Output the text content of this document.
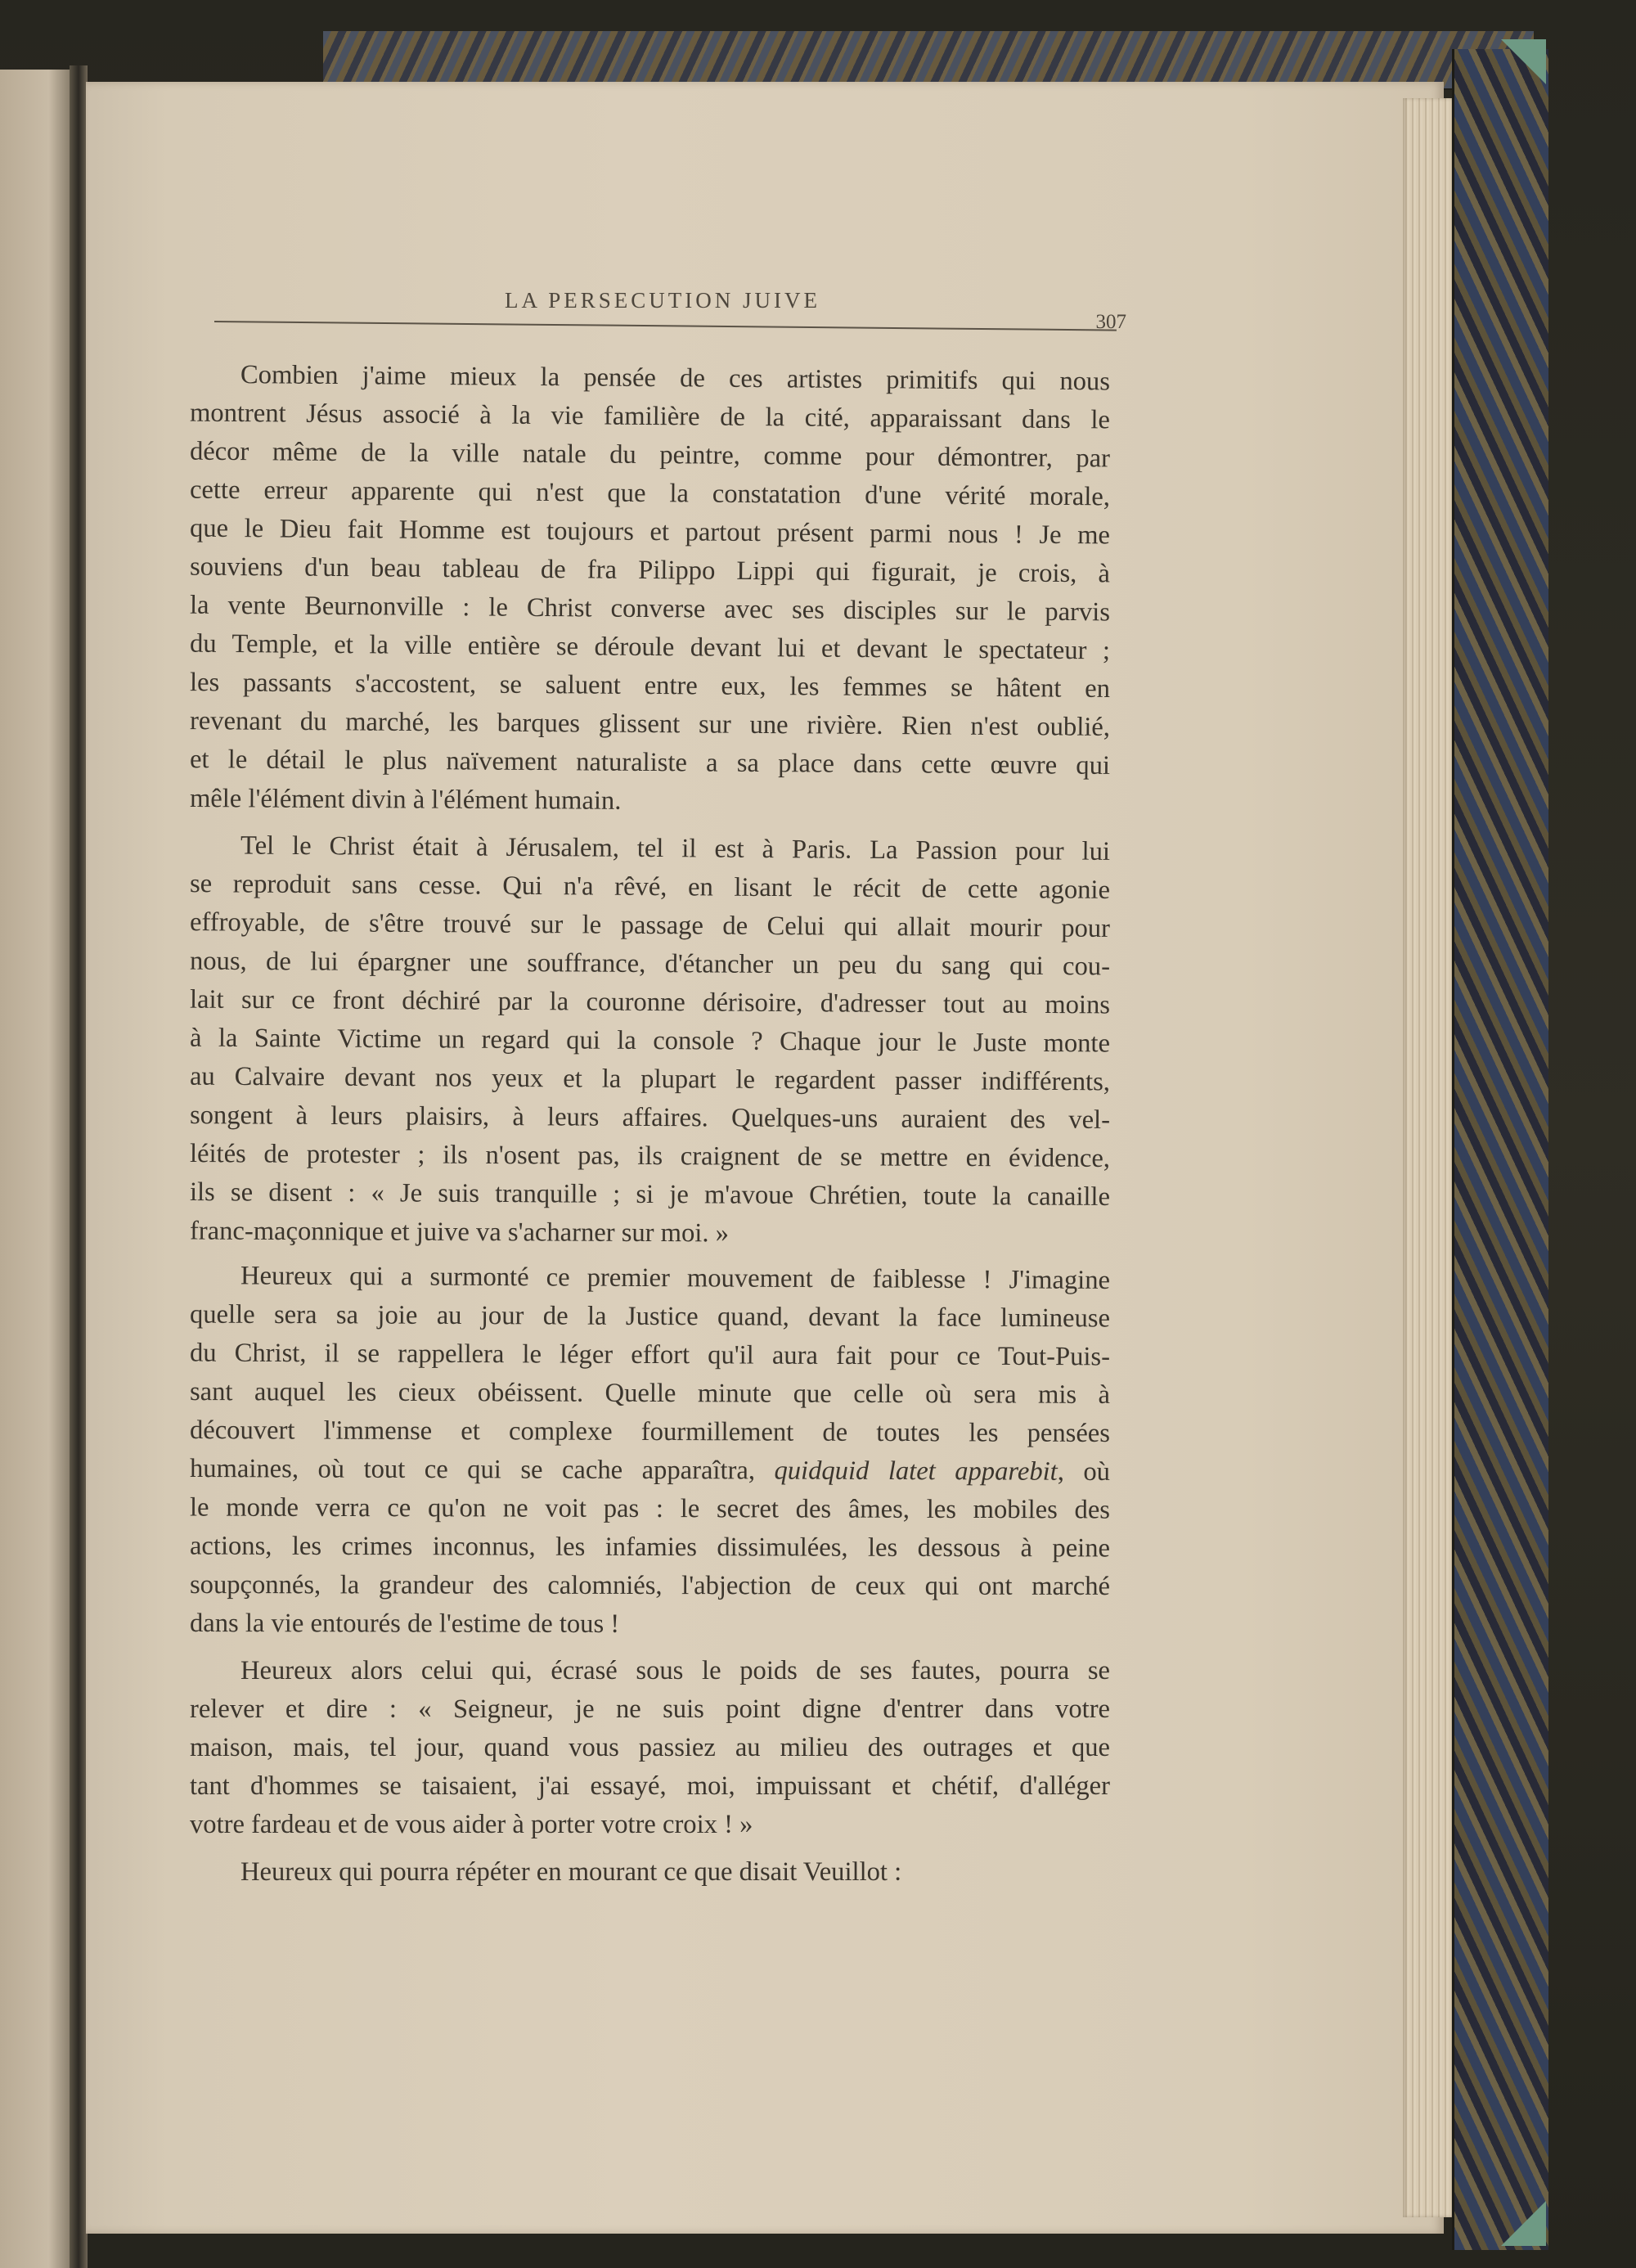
LA PERSECUTION JUIVE
307
Combien j'aime mieux la pensée de ces artistes primitifs qui nous
montrent Jésus associé à la vie familière de la cité, apparaissant dans le
décor même de la ville natale du peintre, comme pour démontrer, par
cette erreur apparente qui n'est que la constatation d'une vérité morale,
que le Dieu fait Homme est toujours et partout présent parmi nous ! Je me
souviens d'un beau tableau de fra Pilippo Lippi qui figurait, je crois, à
la vente Beurnonville : le Christ converse avec ses disciples sur le parvis
du Temple, et la ville entière se déroule devant lui et devant le spectateur ;
les passants s'accostent, se saluent entre eux, les femmes se hâtent en
revenant du marché, les barques glissent sur une rivière. Rien n'est oublié,
et le détail le plus naïvement naturaliste a sa place dans cette œuvre qui
mêle l'élément divin à l'élément humain.
Tel le Christ était à Jérusalem, tel il est à Paris. La Passion pour lui
se reproduit sans cesse. Qui n'a rêvé, en lisant le récit de cette agonie
effroyable, de s'être trouvé sur le passage de Celui qui allait mourir pour
nous, de lui épargner une souffrance, d'étancher un peu du sang qui cou-
lait sur ce front déchiré par la couronne dérisoire, d'adresser tout au moins
à la Sainte Victime un regard qui la console ? Chaque jour le Juste monte
au Calvaire devant nos yeux et la plupart le regardent passer indifférents,
songent à leurs plaisirs, à leurs affaires. Quelques-uns auraient des vel-
léités de protester ; ils n'osent pas, ils craignent de se mettre en évidence,
ils se disent : « Je suis tranquille ; si je m'avoue Chrétien, toute la canaille
franc-maçonnique et juive va s'acharner sur moi. »
Heureux qui a surmonté ce premier mouvement de faiblesse ! J'imagine
quelle sera sa joie au jour de la Justice quand, devant la face lumineuse
du Christ, il se rappellera le léger effort qu'il aura fait pour ce Tout-Puis-
sant auquel les cieux obéissent. Quelle minute que celle où sera mis à
découvert l'immense et complexe fourmillement de toutes les pensées
humaines, où tout ce qui se cache apparaîtra, quidquid latet apparebit, où
le monde verra ce qu'on ne voit pas : le secret des âmes, les mobiles des
actions, les crimes inconnus, les infamies dissimulées, les dessous à peine
soupçonnés, la grandeur des calomniés, l'abjection de ceux qui ont marché
dans la vie entourés de l'estime de tous !
Heureux alors celui qui, écrasé sous le poids de ses fautes, pourra se
relever et dire : « Seigneur, je ne suis point digne d'entrer dans votre
maison, mais, tel jour, quand vous passiez au milieu des outrages et que
tant d'hommes se taisaient, j'ai essayé, moi, impuissant et chétif, d'alléger
votre fardeau et de vous aider à porter votre croix ! »
Heureux qui pourra répéter en mourant ce que disait Veuillot :
